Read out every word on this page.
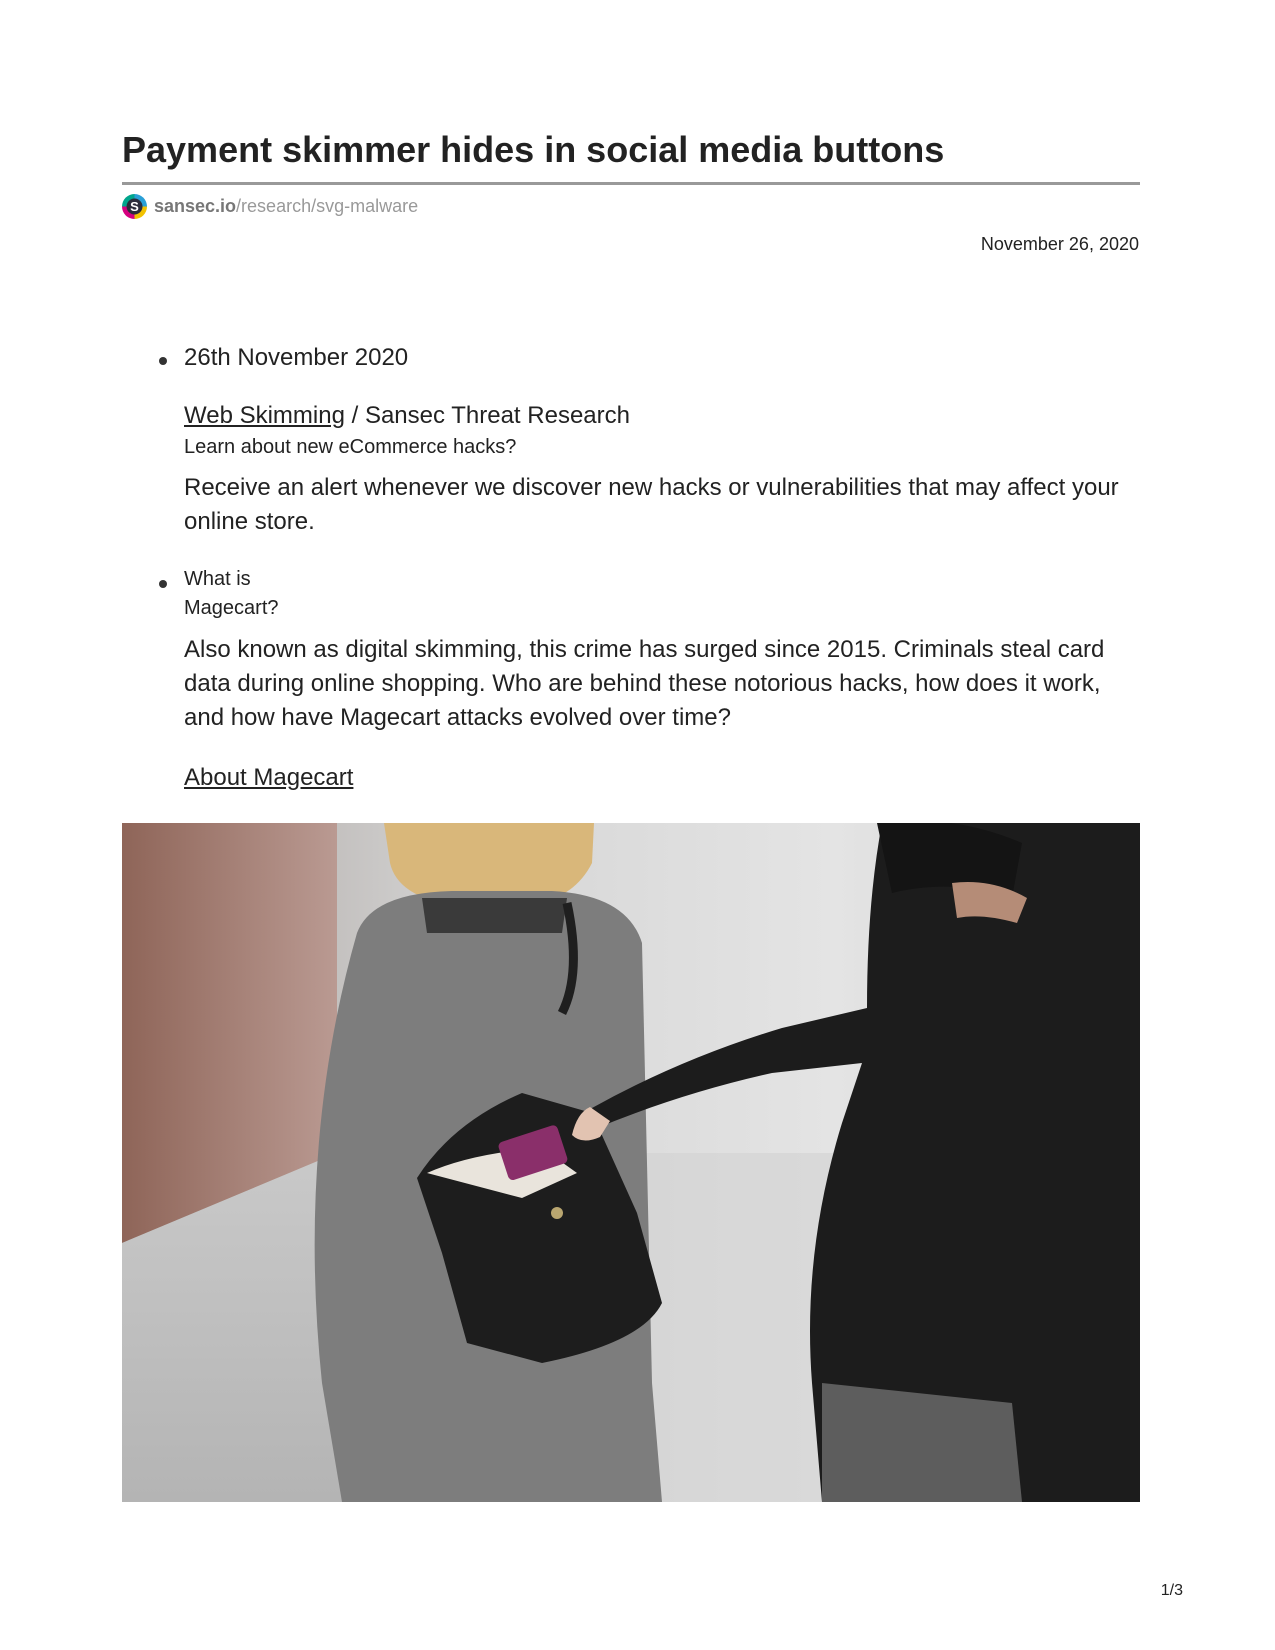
Payment skimmer hides in social media buttons
S sansec.io /research/svg-malware
November 26, 2020
26th November 2020
Web Skimming / Sansec Threat Research
Learn about new eCommerce hacks?
Receive an alert whenever we discover new hacks or vulnerabilities that may affect your online store.
What is
Magecart?
Also known as digital skimming, this crime has surged since 2015. Criminals steal card data during online shopping. Who are behind these notorious hacks, how does it work, and how have Magecart attacks evolved over time?
About Magecart
1/3
